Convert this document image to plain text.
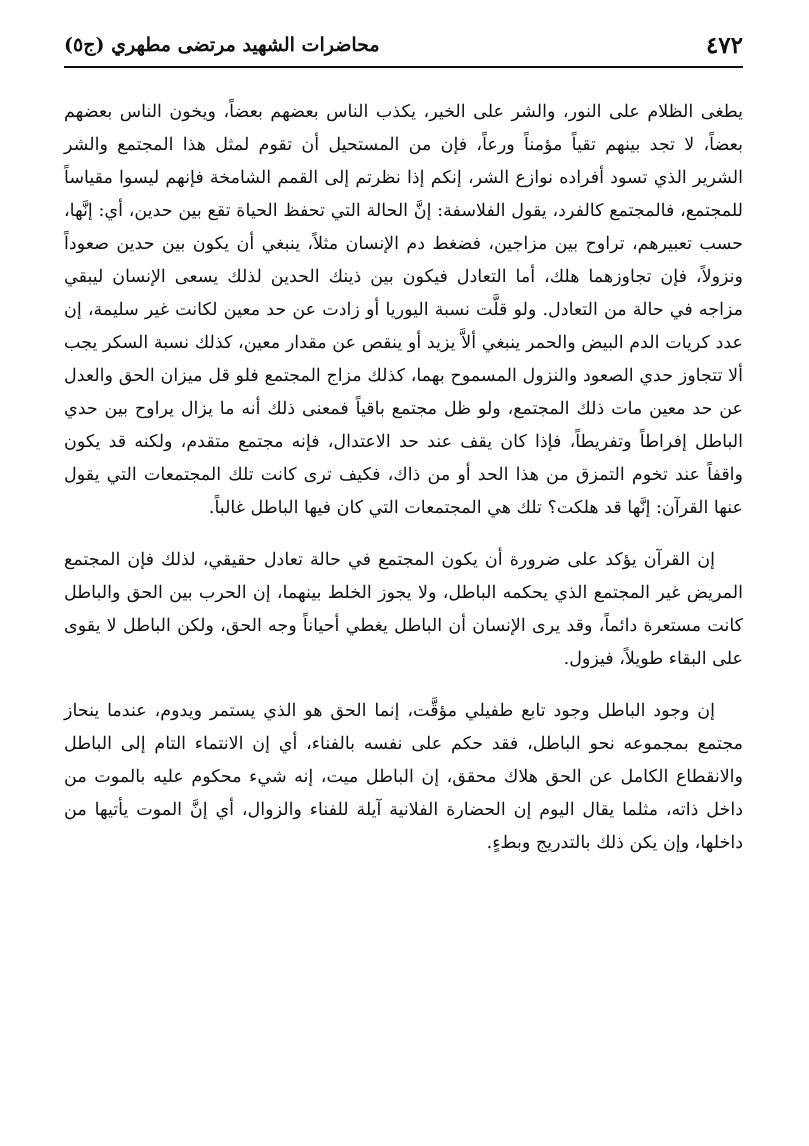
٤٧٢
محاضرات الشهيد مرتضى مطهري (ج٥)

يطغى الظلام على النور، والشر على الخير، يكذب الناس بعضهم بعضاً، ويخون الناس بعضهم بعضاً، لا تجد بينهم تقياً مؤمناً ورعاً، فإن من المستحيل أن تقوم لمثل هذا المجتمع والشر الشرير الذي تسود أفراده نوازع الشر، إنكم إذا نظرتم إلى القمم الشامخة فإنهم ليسوا مقياساً للمجتمع، فالمجتمع كالفرد، يقول الفلاسفة: إنَّ الحالة التي تحفظ الحياة تقع بين حدين، أي: إنَّها، حسب تعبيرهم، تراوح بين مزاجين، فضغط دم الإنسان مثلاً، ينبغي أن يكون بين حدين صعوداً ونزولاً، فإن تجاوزهما هلك، أما التعادل فيكون بين ذينك الحدين لذلك يسعى الإنسان ليبقي مزاجه في حالة من التعادل. ولو قلَّت نسبة اليوريا أو زادت عن حد معين لكانت غير سليمة، إن عدد كريات الدم البيض والحمر ينبغي ألاَّ يزيد أو ينقص عن مقدار معين، كذلك نسبة السكر يجب ألا تتجاوز حدي الصعود والنزول المسموح بهما، كذلك مزاج المجتمع فلو قل ميزان الحق والعدل عن حد معين مات ذلك المجتمع، ولو ظل مجتمع باقياً فمعنى ذلك أنه ما يزال يراوح بين حدي الباطل إفراطاً وتفريطاً، فإذا كان يقف عند حد الاعتدال، فإنه مجتمع متقدم، ولكنه قد يكون واقفاً عند تخوم التمزق من هذا الحد أو من ذاك، فكيف ترى كانت تلك المجتمعات التي يقول عنها القرآن: إنَّها قد هلكت؟ تلك هي المجتمعات التي كان فيها الباطل غالباً.

إن القرآن يؤكد على ضرورة أن يكون المجتمع في حالة تعادل حقيقي، لذلك فإن المجتمع المريض غير المجتمع الذي يحكمه الباطل، ولا يجوز الخلط بينهما، إن الحرب بين الحق والباطل كانت مستعرة دائماً، وقد يرى الإنسان أن الباطل يغطي أحياناً وجه الحق، ولكن الباطل لا يقوى على البقاء طويلاً، فيزول.

إن وجود الباطل وجود تابع طفيلي مؤقَّت، إنما الحق هو الذي يستمر ويدوم، عندما ينحاز مجتمع بمجموعه نحو الباطل، فقد حكم على نفسه بالفناء، أي إن الانتماء التام إلى الباطل والانقطاع الكامل عن الحق هلاك محقق، إن الباطل ميت، إنه شيء محكوم عليه بالموت من داخل ذاته، مثلما يقال اليوم إن الحضارة الفلانية آيلة للفناء والزوال، أي إنَّ الموت يأتيها من داخلها، وإن يكن ذلك بالتدريج وبطءٍ.
